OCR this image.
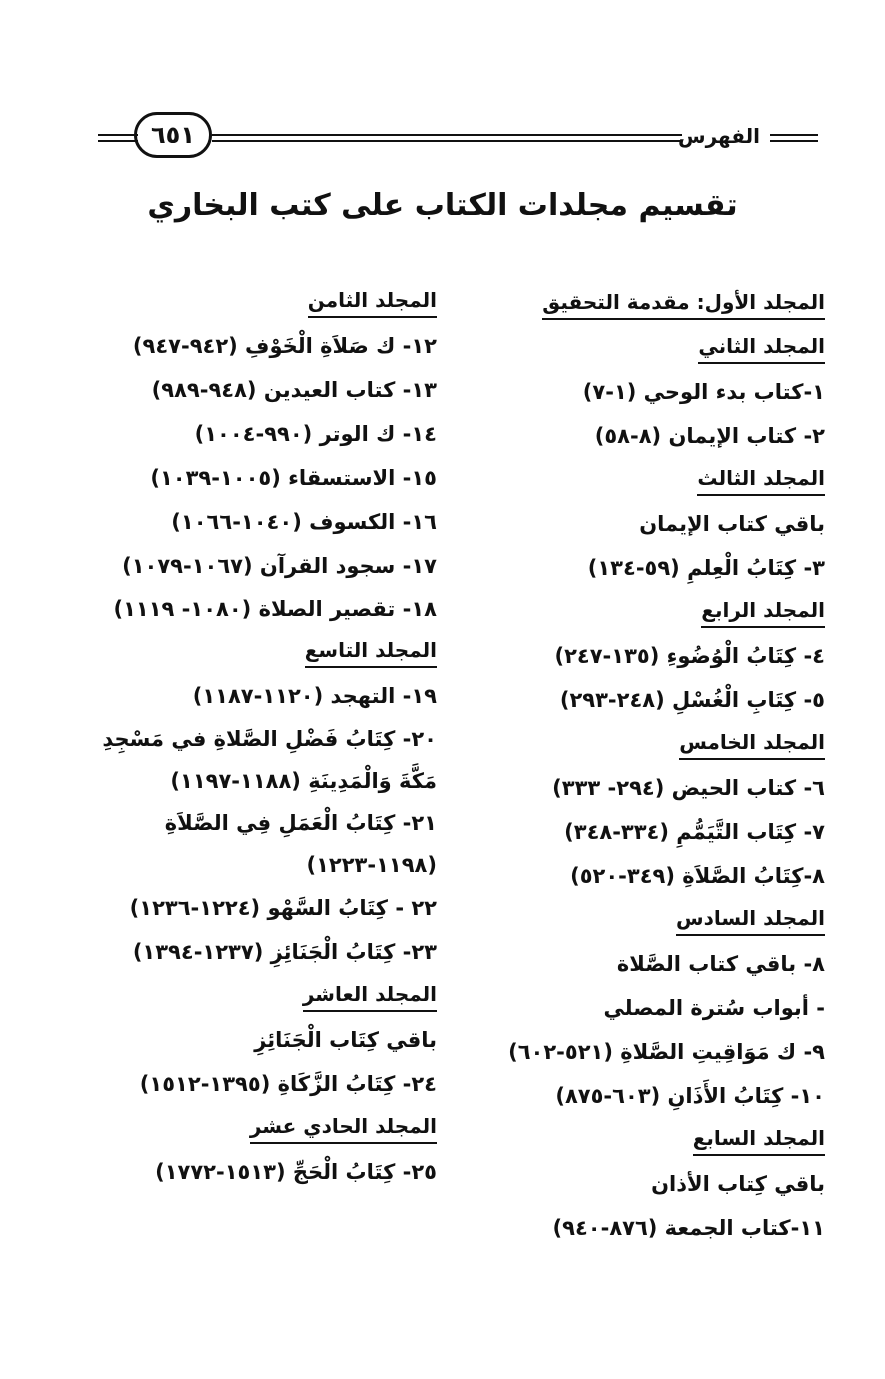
٦٥١	الفهرس
تقسيم مجلدات الكتاب على كتب البخاري
المجلد الأول: مقدمة التحقيق
المجلد الثاني
١-كتاب بدء الوحي (١-٧)
٢- كتاب الإيمان (٨-٥٨)
المجلد الثالث
باقي كتاب الإيمان
٣- كِتَابُ الْعِلمِ (٥٩-١٣٤)
المجلد الرابع
٤- كِتَابُ الْوُضُوءِ (١٣٥-٢٤٧)
٥- كِتَابِ الْغُسْلِ (٢٤٨-٢٩٣)
المجلد الخامس
٦- كتاب الحيض (٢٩٤- ٣٣٣)
٧- كِتَاب التَّيَمُّمِ (٣٣٤-٣٤٨)
٨-كِتَابُ الصَّلاَةِ (٣٤٩-٥٢٠)
المجلد السادس
٨- باقي كتاب الصَّلاة
- أبواب سُترة المصلي
٩- ك مَوَاقِيتِ الصَّلاةِ (٥٢١-٦٠٢)
١٠- كِتَابُ الأَذَانِ (٦٠٣-٨٧٥)
المجلد السابع
باقي كِتاب الأذان
١١-كتاب الجمعة (٨٧٦-٩٤٠)
المجلد الثامن
١٢- ك صَلاَةِ الْخَوْفِ (٩٤٢-٩٤٧)
١٣- كتاب العيدين (٩٤٨-٩٨٩)
١٤- ك الوتر (٩٩٠-١٠٠٤)
١٥- الاستسقاء (١٠٠٥-١٠٣٩)
١٦- الكسوف (١٠٤٠-١٠٦٦)
١٧- سجود القرآن (١٠٦٧-١٠٧٩)
١٨- تقصير الصلاة (١٠٨٠- ١١١٩)
المجلد التاسع
١٩- التهجد (١١٢٠-١١٨٧)
٢٠- كِتَابُ فَضْلِ الصَّلاةِ في مَسْجِدِ مَكَّةَ وَالْمَدِينَةِ (١١٨٨-١١٩٧)
٢١- كِتَابُ الْعَمَلِ فِي الصَّلاَةِ (١١٩٨-١٢٢٣)
٢٢ - كِتَابُ السَّهْو (١٢٢٤-١٢٣٦)
٢٣- كِتَابُ الْجَنَائِزِ (١٢٣٧-١٣٩٤)
المجلد العاشر
باقي كِتَاب الْجَنَائِزِ
٢٤- كِتَابُ الزَّكَاةِ (١٣٩٥-١٥١٢)
المجلد الحادي عشر
٢٥- كِتَابُ الْحَجِّ (١٥١٣-١٧٧٢)
